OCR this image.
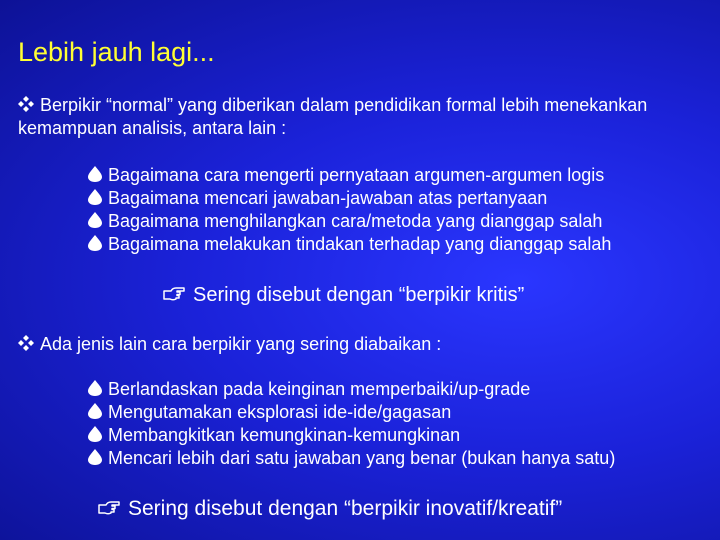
Lebih jauh lagi...
Berpikir “normal” yang diberikan dalam pendidikan formal lebih menekankan kemampuan analisis, antara lain :
Bagaimana cara mengerti pernyataan argumen-argumen logis
Bagaimana mencari jawaban-jawaban atas pertanyaan
Bagaimana menghilangkan cara/metoda yang dianggap salah
Bagaimana melakukan tindakan terhadap yang dianggap salah
Sering disebut dengan “berpikir kritis”
Ada jenis lain cara berpikir yang sering diabaikan :
Berlandaskan pada keinginan memperbaiki/up-grade
Mengutamakan eksplorasi ide-ide/gagasan
Membangkitkan kemungkinan-kemungkinan
Mencari lebih dari satu jawaban yang benar (bukan hanya satu)
Sering disebut dengan “berpikir inovatif/kreatif”
